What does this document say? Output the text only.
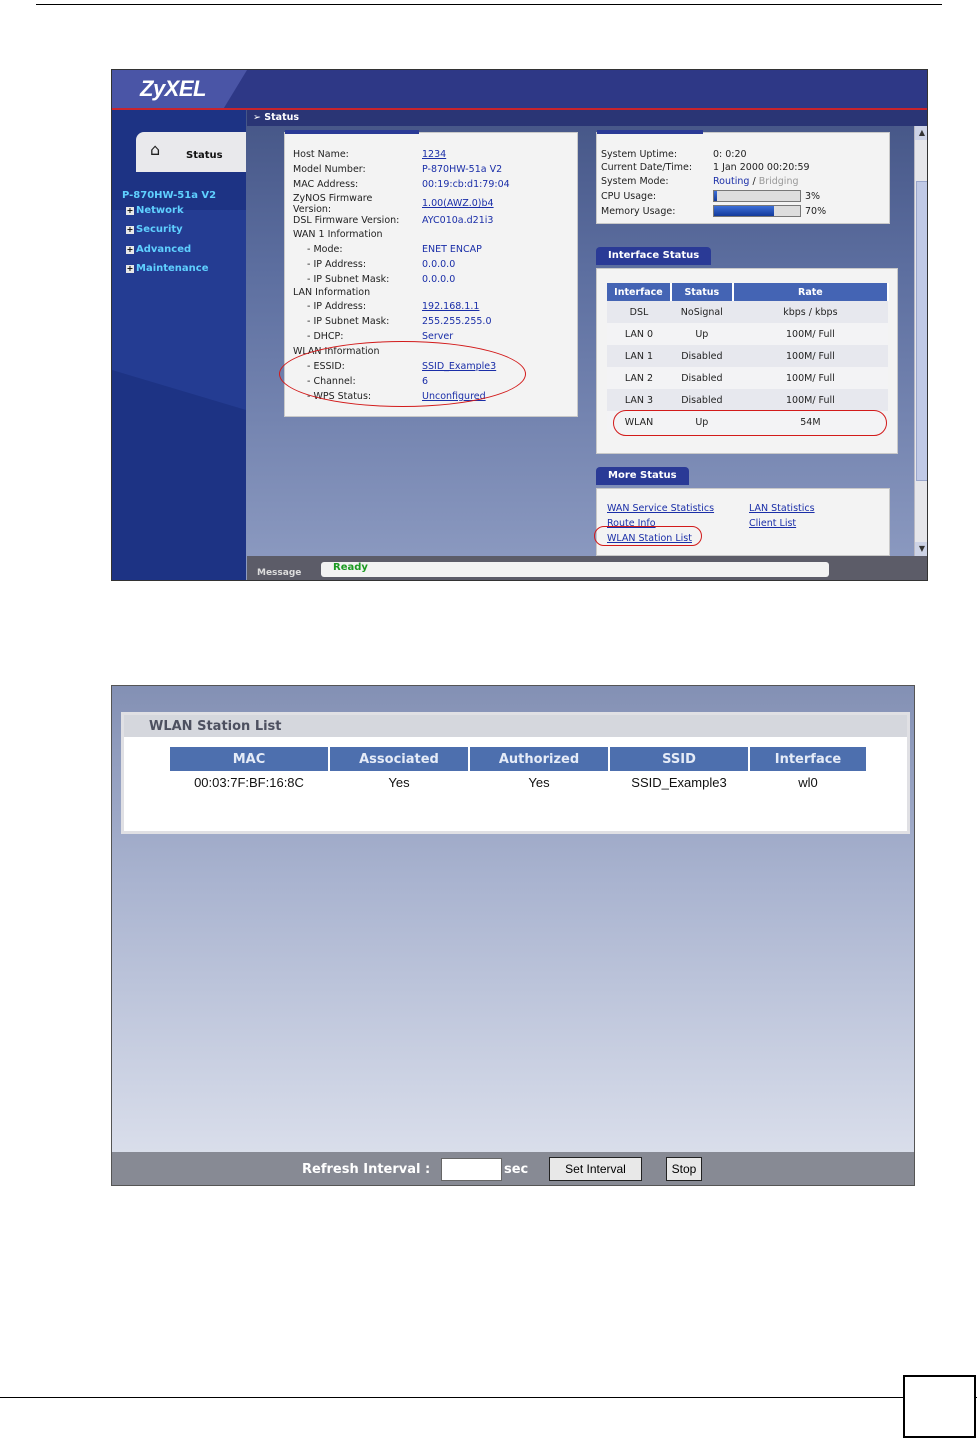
ZyXEL
➢ Status
⌂	Status
P-870HW-51a V2
+ Network
+ Security
+ Advanced
+ Maintenance
Host Name:	1234
Model Number:	P-870HW-51a V2
MAC Address:	00:19:cb:d1:79:04
ZyNOS Firmware
Version:
1.00(AWZ.0)b4
DSL Firmware Version: AYC010a.d21i3
WAN 1 Information
- Mode:	ENET ENCAP
- IP Address:	0.0.0.0
- IP Subnet Mask:	0.0.0.0
LAN Information
- IP Address:	192.168.1.1
- IP Subnet Mask:	255.255.255.0
- DHCP:	Server
WLAN Information
- ESSID:	SSID_Example3
- Channel:	6
- WPS Status:	Unconfigured
System Uptime:	0: 0:20
Current Date/Time: 1 Jan 2000 00:20:59
System Mode:	Routing / Bridging
CPU Usage:	3%
Memory Usage:	70%
Interface Status
Interface	Status	Rate
DSL	NoSignal	kbps / kbps
LAN 0	Up	100M/ Full
LAN 1	Disabled	100M/ Full
LAN 2	Disabled	100M/ Full
LAN 3	Disabled	100M/ Full
WLAN	Up	54M
More Status
WAN Service Statistics	LAN Statistics
Route Info	Client List
WLAN Station List
▲
▼
Message	Ready
WLAN Station List
MAC	Associated	Authorized	SSID	Interface
00:03:7F:BF:16:8C	Yes	Yes	SSID_Example3	wl0
Refresh Interval :	sec	Set Interval	Stop
